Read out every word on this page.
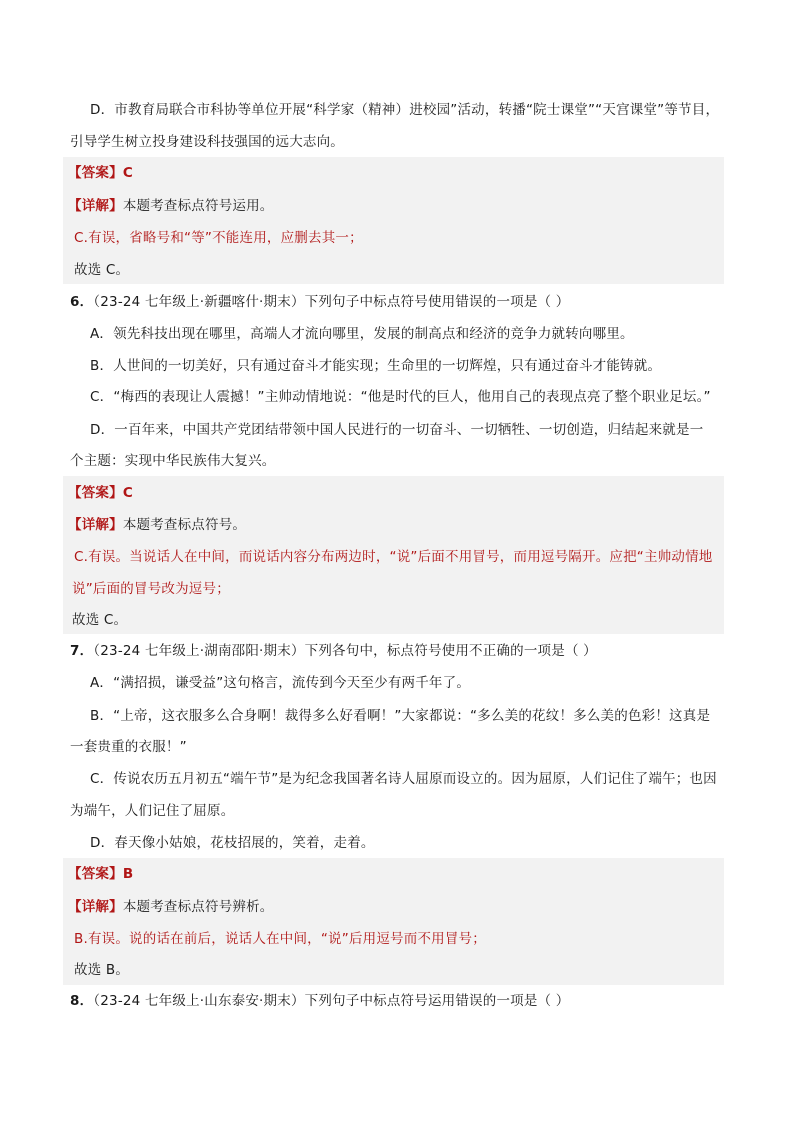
D．市教育局联合市科协等单位开展“科学家（精神）进校园”活动，转播“院士课堂”“天宫课堂”等节目，
引导学生树立投身建设科技强国的远大志向。
【答案】C
【详解】本题考查标点符号运用。
C.有误，省略号和“等”不能连用，应删去其一；
故选 C。
6．（23-24 七年级上·新疆喀什·期末）下列句子中标点符号使用错误的一项是（ ）
A．领先科技出现在哪里，高端人才流向哪里，发展的制高点和经济的竞争力就转向哪里。
B．人世间的一切美好，只有通过奋斗才能实现；生命里的一切辉煌，只有通过奋斗才能铸就。
C．“梅西的表现让人震撼！”主帅动情地说：“他是时代的巨人，他用自己的表现点亮了整个职业足坛。”
D．一百年来，中国共产党团结带领中国人民进行的一切奋斗、一切牺牲、一切创造，归结起来就是一
个主题：实现中华民族伟大复兴。
【答案】C
【详解】本题考查标点符号。
C.有误。当说话人在中间，而说话内容分布两边时，“说”后面不用冒号，而用逗号隔开。应把“主帅动情地
说”后面的冒号改为逗号；
故选 C。
7．（23-24 七年级上·湖南邵阳·期末）下列各句中，标点符号使用不正确的一项是（ ）
A．“满招损，谦受益”这句格言，流传到今天至少有两千年了。
B．“上帝，这衣服多么合身啊！裁得多么好看啊！”大家都说：“多么美的花纹！多么美的色彩！这真是
一套贵重的衣服！”
C．传说农历五月初五“端午节”是为纪念我国著名诗人屈原而设立的。因为屈原，人们记住了端午；也因
为端午，人们记住了屈原。
D．春天像小姑娘，花枝招展的，笑着，走着。
【答案】B
【详解】本题考查标点符号辨析。
B.有误。说的话在前后，说话人在中间，“说”后用逗号而不用冒号；
故选 B。
8．（23-24 七年级上·山东泰安·期末）下列句子中标点符号运用错误的一项是（ ）
